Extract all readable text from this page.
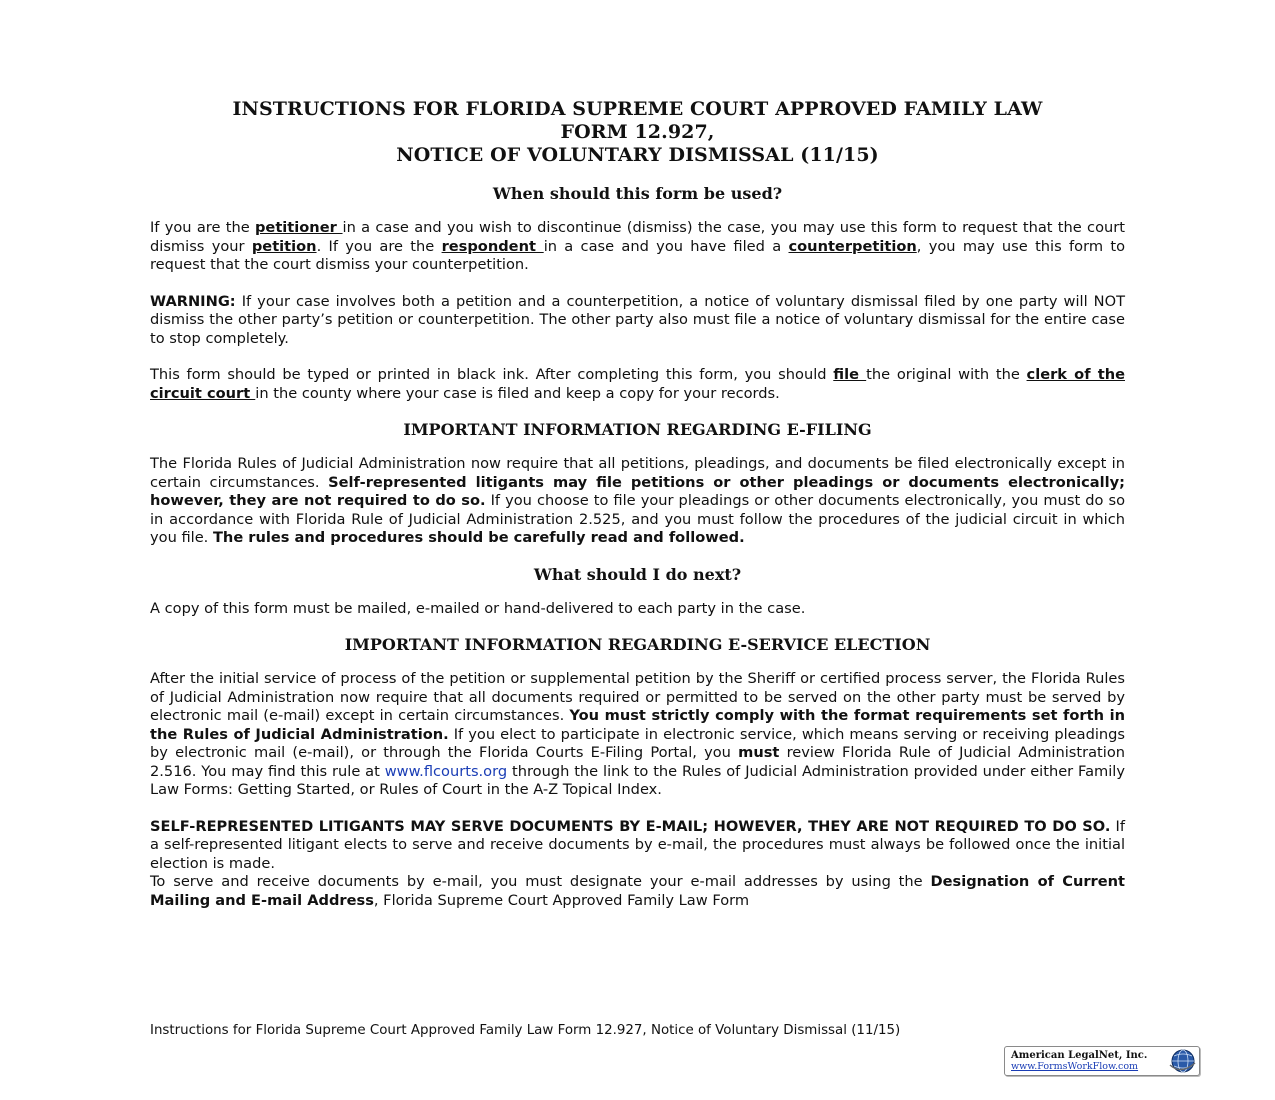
INSTRUCTIONS FOR FLORIDA SUPREME COURT APPROVED FAMILY LAW
FORM 12.927,
NOTICE OF VOLUNTARY DISMISSAL (11/15)
When should this form be used?

If you are the petitioner in a case and you wish to discontinue (dismiss) the case, you may use this form to request that the court dismiss your petition. If you are the respondent in a case and you have filed a counterpetition, you may use this form to request that the court dismiss your counterpetition.

WARNING: If your case involves both a petition and a counterpetition, a notice of voluntary dismissal filed by one party will NOT dismiss the other party’s petition or counterpetition. The other party also must file a notice of voluntary dismissal for the entire case to stop completely.

This form should be typed or printed in black ink. After completing this form, you should file the original with the clerk of the circuit court in the county where your case is filed and keep a copy for your records.

IMPORTANT INFORMATION REGARDING E-FILING

The Florida Rules of Judicial Administration now require that all petitions, pleadings, and documents be filed electronically except in certain circumstances. Self-represented litigants may file petitions or other pleadings or documents electronically; however, they are not required to do so. If you choose to file your pleadings or other documents electronically, you must do so in accordance with Florida Rule of Judicial Administration 2.525, and you must follow the procedures of the judicial circuit in which you file. The rules and procedures should be carefully read and followed.

What should I do next?

A copy of this form must be mailed, e-mailed or hand-delivered to each party in the case.

IMPORTANT INFORMATION REGARDING E-SERVICE ELECTION

After the initial service of process of the petition or supplemental petition by the Sheriff or certified process server, the Florida Rules of Judicial Administration now require that all documents required or permitted to be served on the other party must be served by electronic mail (e-mail) except in certain circumstances. You must strictly comply with the format requirements set forth in the Rules of Judicial Administration. If you elect to participate in electronic service, which means serving or receiving pleadings by electronic mail (e-mail), or through the Florida Courts E-Filing Portal, you must review Florida Rule of Judicial Administration 2.516. You may find this rule at www.flcourts.org through the link to the Rules of Judicial Administration provided under either Family Law Forms: Getting Started, or Rules of Court in the A-Z Topical Index.

SELF-REPRESENTED LITIGANTS MAY SERVE DOCUMENTS BY E-MAIL; HOWEVER, THEY ARE NOT REQUIRED TO DO SO. If a self-represented litigant elects to serve and receive documents by e-mail, the procedures must always be followed once the initial election is made.

To serve and receive documents by e-mail, you must designate your e-mail addresses by using the Designation of Current Mailing and E-mail Address, Florida Supreme Court Approved Family Law Form

Instructions for Florida Supreme Court Approved Family Law Form 12.927, Notice of Voluntary Dismissal (11/15)
American LegalNet, Inc.
www.FormsWorkFlow.com
